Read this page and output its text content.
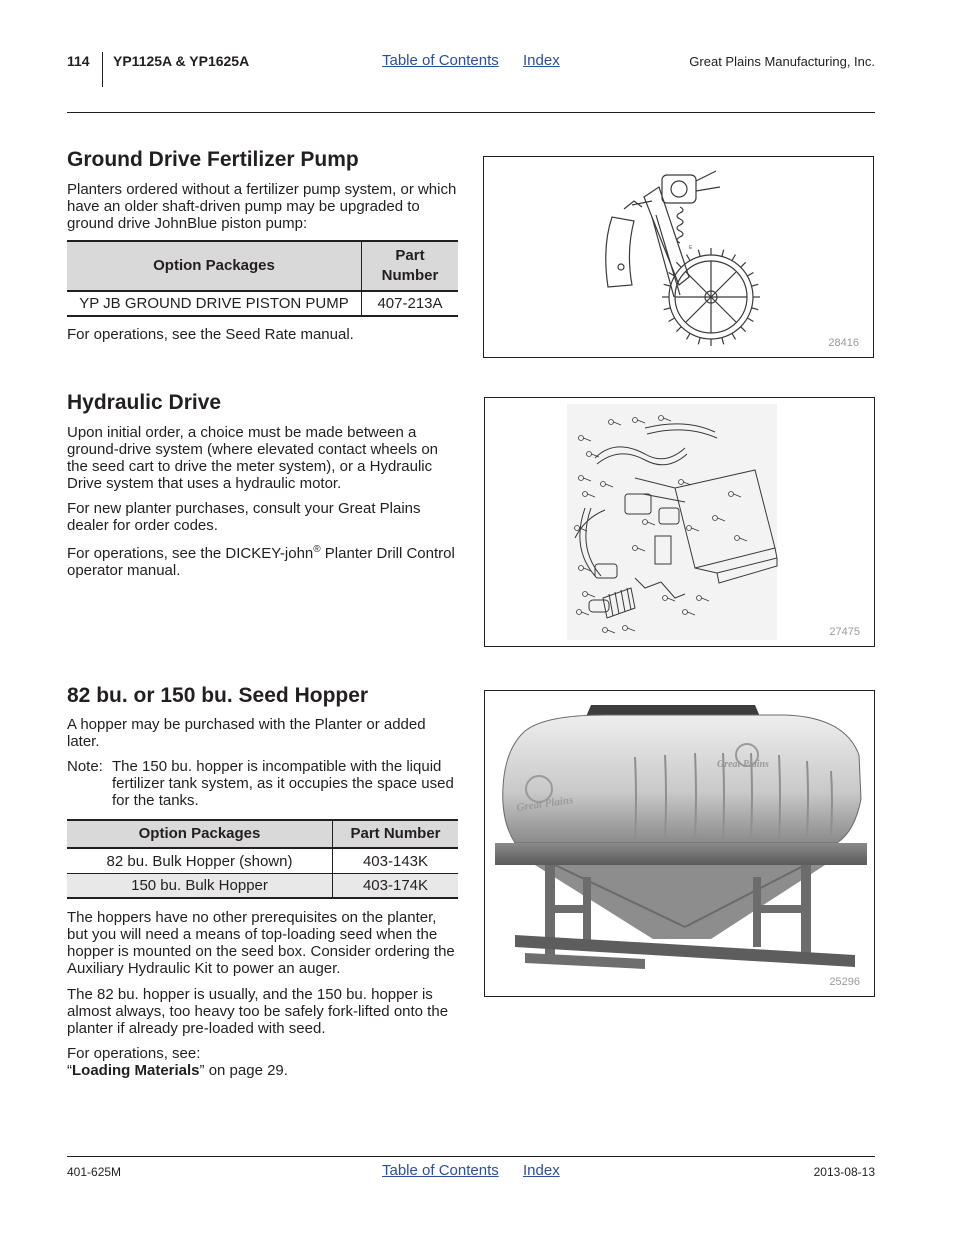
114 YP1125A & YP1625A	Table of Contents Index	Great Plains Manufacturing, Inc.
Ground Drive Fertilizer Pump
Planters ordered without a fertilizer pump system, or which have an older shaft-driven pump may be upgraded to ground drive JohnBlue piston pump:
Option Packages	Part
Number
YP JB GROUND DRIVE PISTON PUMP	407-213A
For operations, see the Seed Rate manual.
E
28416
Hydraulic Drive
Upon initial order, a choice must be made between a ground-drive system (where elevated contact wheels on the seed cart to drive the meter system), or a Hydraulic Drive system that uses a hydraulic motor.
For new planter purchases, consult your Great Plains dealer for order codes.
For operations, see the DICKEY-john® Planter Drill Control operator manual.
27475
82 bu. or 150 bu. Seed Hopper
A hopper may be purchased with the Planter or added later.
Note: The 150 bu. hopper is incompatible with the liquid fertilizer tank system, as it occupies the space used for the tanks.
Option Packages	Part Number
82 bu. Bulk Hopper (shown)	403-143K
150 bu. Bulk Hopper	403-174K
The hoppers have no other prerequisites on the planter, but you will need a means of top-loading seed when the hopper is mounted on the seed box. Consider ordering the Auxiliary Hydraulic Kit to power an auger.
The 82 bu. hopper is usually, and the 150 bu. hopper is almost always, too heavy too be safely fork-lifted onto the planter if already pre-loaded with seed.
For operations, see:
“Loading Materials” on page 29.
Great Plains
Great Plains
25296
401-625M	Table of Contents Index	2013-08-13
